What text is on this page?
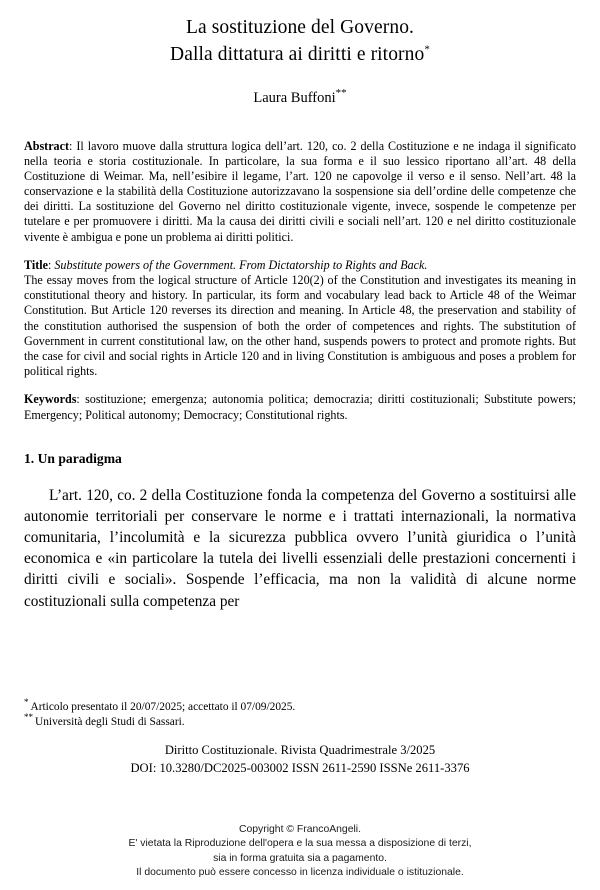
La sostituzione del Governo.
Dalla dittatura ai diritti e ritorno*
Laura Buffoni**
Abstract: Il lavoro muove dalla struttura logica dell’art. 120, co. 2 della Costituzione e ne indaga il significato nella teoria e storia costituzionale. In particolare, la sua forma e il suo lessico riportano all’art. 48 della Costituzione di Weimar. Ma, nell’esibire il legame, l’art. 120 ne capovolge il verso e il senso. Nell’art. 48 la conservazione e la stabilità della Costituzione autorizzavano la sospensione sia dell’ordine delle competenze che dei diritti. La sostituzione del Governo nel diritto costituzionale vigente, invece, sospende le competenze per tutelare e per promuovere i diritti. Ma la causa dei diritti civili e sociali nell’art. 120 e nel diritto costituzionale vivente è ambigua e pone un problema ai diritti politici.
Title: Substitute powers of the Government. From Dictatorship to Rights and Back.
The essay moves from the logical structure of Article 120(2) of the Constitution and investigates its meaning in constitutional theory and history. In particular, its form and vocabulary lead back to Article 48 of the Weimar Constitution. But Article 120 reverses its direction and meaning. In Article 48, the preservation and stability of the constitution authorised the suspension of both the order of competences and rights. The substitution of Government in current constitutional law, on the other hand, suspends powers to protect and promote rights. But the case for civil and social rights in Article 120 and in living Constitution is ambiguous and poses a problem for political rights.
Keywords: sostituzione; emergenza; autonomia politica; democrazia; diritti costituzionali; Substitute powers; Emergency; Political autonomy; Democracy; Constitutional rights.
1. Un paradigma
L’art. 120, co. 2 della Costituzione fonda la competenza del Governo a sostituirsi alle autonomie territoriali per conservare le norme e i trattati internazionali, la normativa comunitaria, l’incolumità e la sicurezza pubblica ovvero l’unità giuridica o l’unità economica e «in particolare la tutela dei livelli essenziali delle prestazioni concernenti i diritti civili e sociali». Sospende l’efficacia, ma non la validità di alcune norme costituzionali sulla competenza per
* Articolo presentato il 20/07/2025; accettato il 07/09/2025.
** Università degli Studi di Sassari.
Diritto Costituzionale. Rivista Quadrimestrale 3/2025
DOI: 10.3280/DC2025-003002 ISSN 2611-2590 ISSNe 2611-3376
Copyright © FrancoAngeli.
E' vietata la Riproduzione dell'opera e la sua messa a disposizione di terzi,
sia in forma gratuita sia a pagamento.
Il documento può essere concesso in licenza individuale o istituzionale.
